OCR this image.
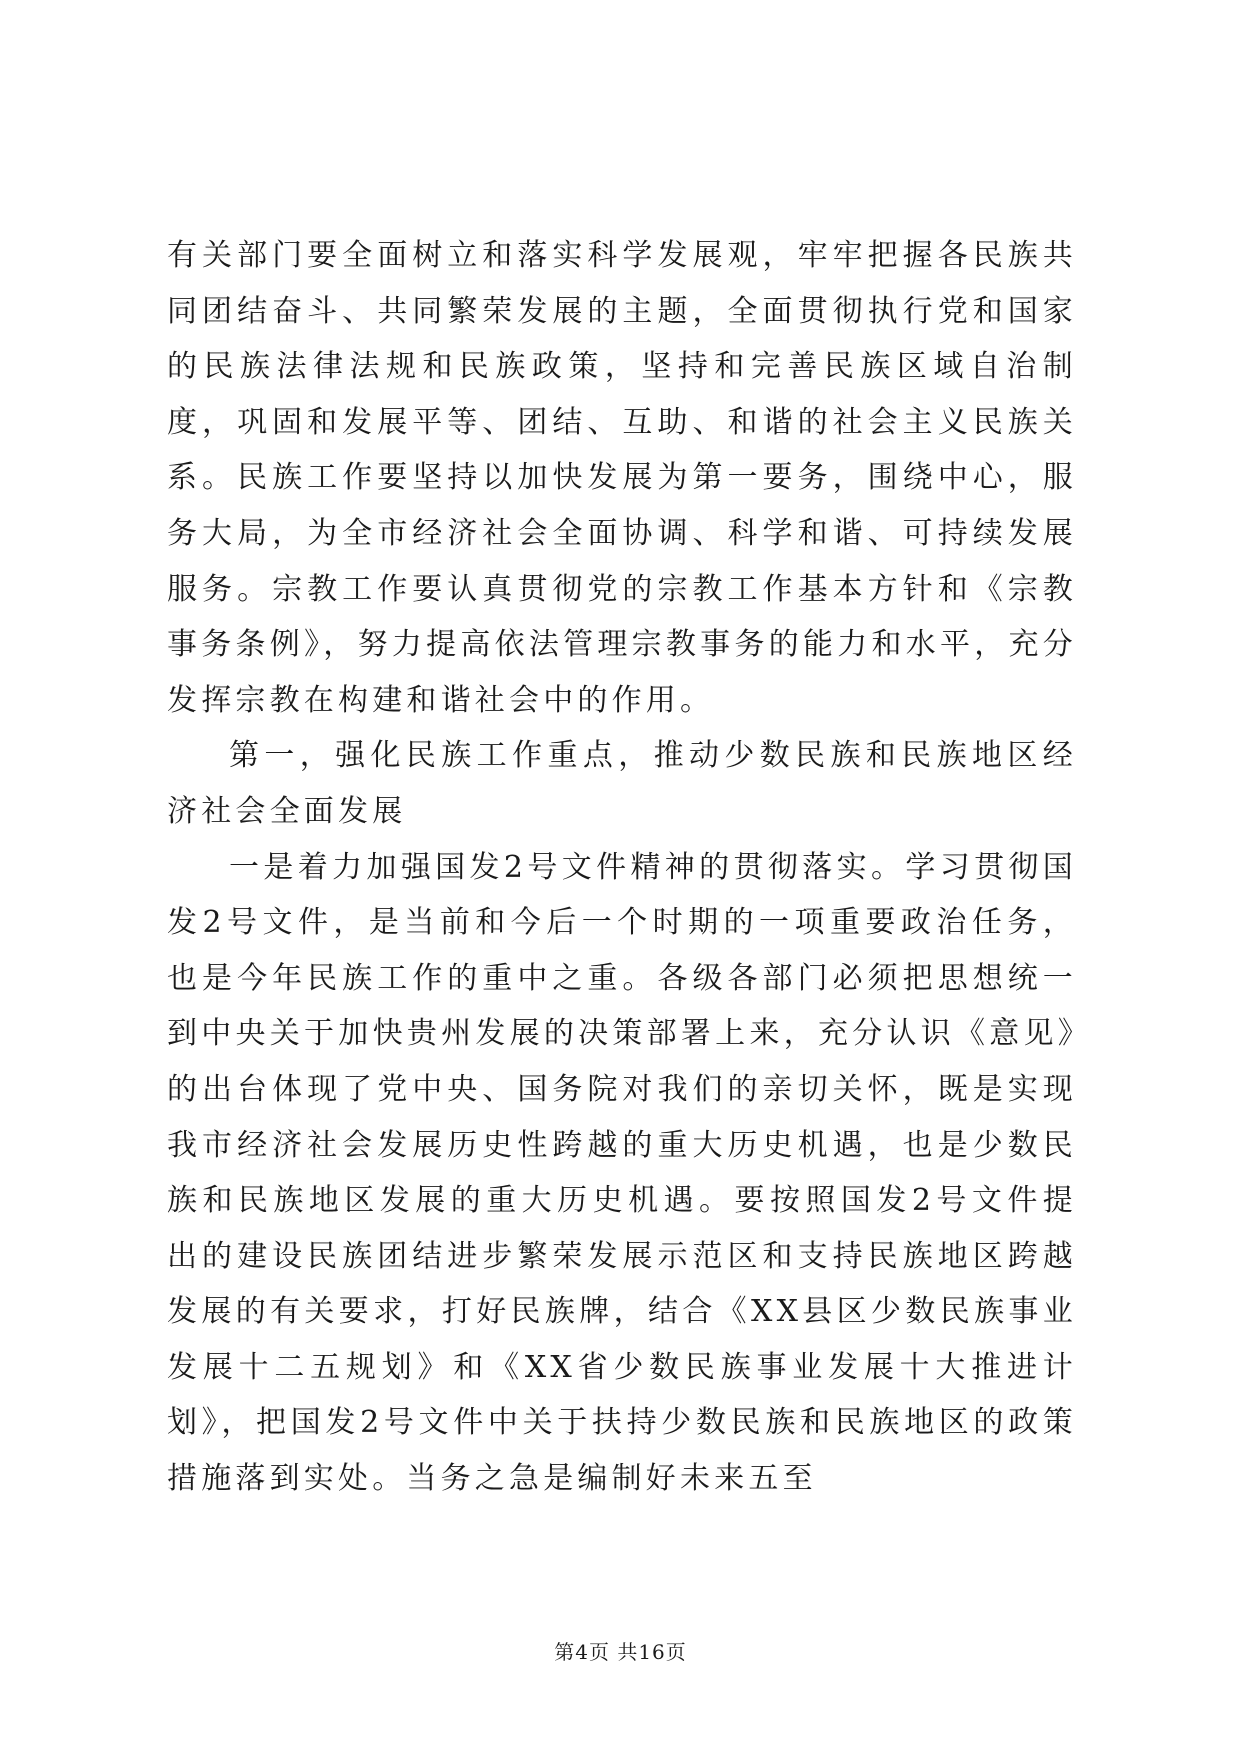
有关部门要全面树立和落实科学发展观，牢牢把握各民族共同团结奋斗、共同繁荣发展的主题，全面贯彻执行党和国家的民族法律法规和民族政策，坚持和完善民族区域自治制度，巩固和发展平等、团结、互助、和谐的社会主义民族关系。民族工作要坚持以加快发展为第一要务，围绕中心，服务大局，为全市经济社会全面协调、科学和谐、可持续发展服务。宗教工作要认真贯彻党的宗教工作基本方针和《宗教事务条例》，努力提高依法管理宗教事务的能力和水平，充分发挥宗教在构建和谐社会中的作用。

第一，强化民族工作重点，推动少数民族和民族地区经济社会全面发展

一是着力加强国发2号文件精神的贯彻落实。学习贯彻国发2号文件，是当前和今后一个时期的一项重要政治任务，也是今年民族工作的重中之重。各级各部门必须把思想统一到中央关于加快贵州发展的决策部署上来，充分认识《意见》的出台体现了党中央、国务院对我们的亲切关怀，既是实现我市经济社会发展历史性跨越的重大历史机遇，也是少数民族和民族地区发展的重大历史机遇。要按照国发2号文件提出的建设民族团结进步繁荣发展示范区和支持民族地区跨越发展的有关要求，打好民族牌，结合《XX县区少数民族事业发展十二五规划》和《XX省少数民族事业发展十大推进计划》，把国发2号文件中关于扶持少数民族和民族地区的政策措施落到实处。当务之急是编制好未来五至

第4页 共16页
